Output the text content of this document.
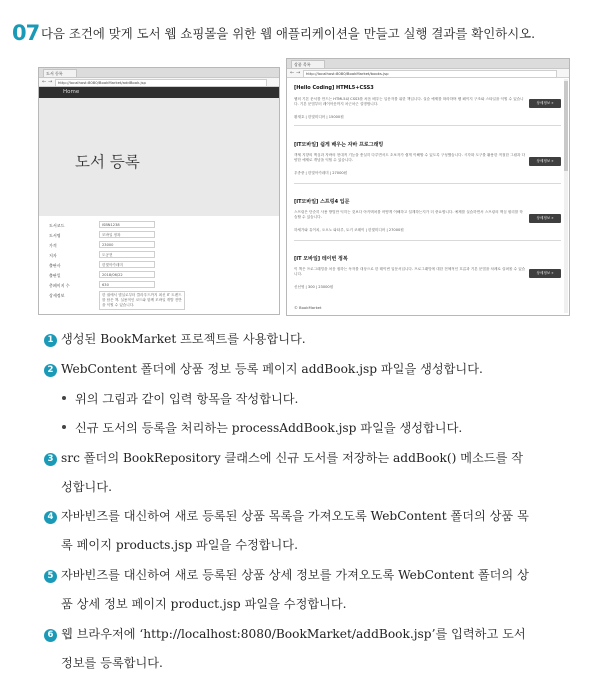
07 다음 조건에 맞게 도서 웹 쇼핑몰을 위한 웹 애플리케이션을 만들고 실행 결과를 확인하시오.
도서 등록
← →	http://localhost:8080/BookMarket/addBook.jsp
Home
도서 등록
도서코드	ISBN1238
도서명	모바일 정복
가격	23000
저자	도공현
출판사	한빛아카데미
출판일	2018/06/22
총페이지 수	630
상세정보	한 권에서 앱실로부터 클라우드까지 최신 IT 트렌드를 담은 책. 실용적인 코드와 함께 모바일 개발 전반을 익힐 수 있습니다.
상품 목록
← →	http://localhost:8080/BookMarket/books.jsp
[Hello Coding] HTML5+CSS3
웹의 기본 문서를 만드는 HTML5와 CSS3를 처음 배우는 입문자를 위한 책입니다. 실습 예제를 따라하며 웹 페이지 구조와 스타일을 익힐 수 있습니다. 기본 문법부터 레이아웃까지 차근차근 설명합니다.	상세정보 »
황재호 | 한빛미디어 | 15000원
[IT모바일] 쉽게 배우는 자바 프로그래밍
객체 지향의 핵심과 자바의 현대적 기능을 충실히 다루면서도 초보자가 쉽게 이해할 수 있도록 구성했습니다. 시각화 도구를 활용한 적절한 그림과 다양한 예제로 개념을 익힐 수 있습니다.	상세정보 »
우종중 | 한빛아카데미 | 27000원
[IT모바일] 스프링4 입문
스프링은 단순히 사용 방법만 익히는 것보다 아키텍처를 어떻게 이해하고 설계하는지가 더 중요합니다. 예제를 실습하면서 스프링의 핵심 원리를 학습할 수 있습니다.	상세정보 »
하세가와 유이치, 오오노 와타루, 토키 코헤이 | 한빛미디어 | 27000원
[IT 모바일] 테이번 정복
이 책은 프로그래밍을 처음 접하는 독자를 대상으로 한 테이번 입문서입니다. 프로그래밍에 대한 전체적인 흐름과 기본 문법을 차례로 살펴볼 수 있습니다.	상세정보 »
신선영 | 300 | 23000원
© BookMarket
1 생성된 BookMarket 프로젝트를 사용합니다.
2 WebContent 폴더에 상품 정보 등록 페이지 addBook.jsp 파일을 생성합니다.
위의 그림과 같이 입력 항목을 작성합니다.
신규 도서의 등록을 처리하는 processAddBook.jsp 파일을 생성합니다.
3 src 폴더의 BookRepository 클래스에 신규 도서를 저장하는 addBook() 메소드를 작
성합니다.
4 자바빈즈를 대신하여 새로 등록된 상품 목록을 가져오도록 WebContent 폴더의 상품 목
록 페이지 products.jsp 파일을 수정합니다.
5 자바빈즈를 대신하여 새로 등록된 상품 상세 정보를 가져오도록 WebContent 폴더의 상
품 상세 정보 페이지 product.jsp 파일을 수정합니다.
6 웹 브라우저에 ‘http://localhost:8080/BookMarket/addBook.jsp’를 입력하고 도서
정보를 등록합니다.
